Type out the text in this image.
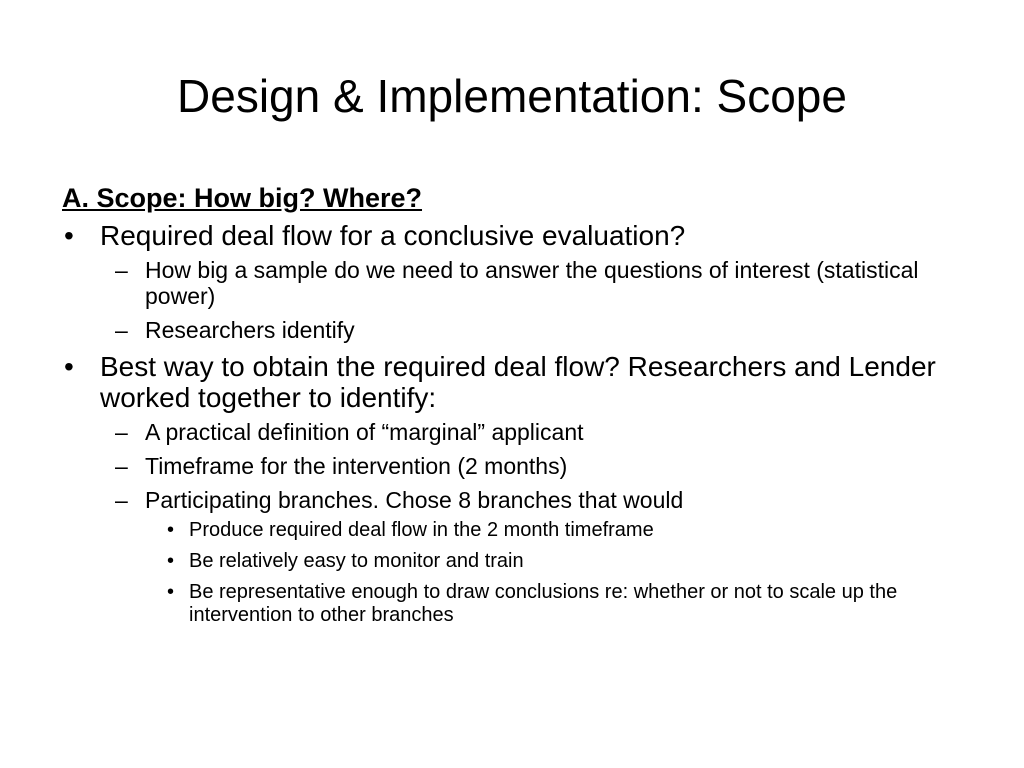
Design & Implementation: Scope
A. Scope: How big? Where?
• Required deal flow for a conclusive evaluation?
– How big a sample do we need to answer the questions of interest (statistical power)
– Researchers identify
• Best way to obtain the required deal flow? Researchers and Lender worked together to identify:
– A practical definition of “marginal” applicant
– Timeframe for the intervention (2 months)
– Participating branches. Chose 8 branches that would
• Produce required deal flow in the 2 month timeframe
• Be relatively easy to monitor and train
• Be representative enough to draw conclusions re: whether or not to scale up the intervention to other branches
